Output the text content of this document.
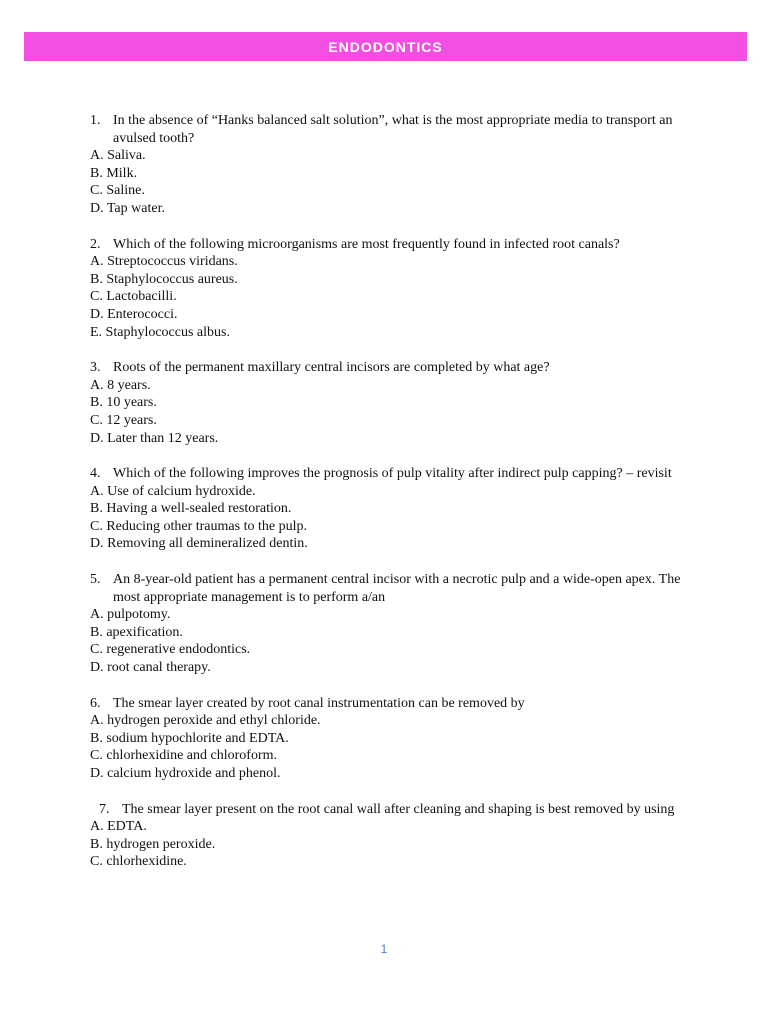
ENDODONTICS
1. In the absence of “Hanks balanced salt solution”, what is the most appropriate media to transport an avulsed tooth?
A. Saliva.
B. Milk.
C. Saline.
D. Tap water.
2. Which of the following microorganisms are most frequently found in infected root canals?
A. Streptococcus viridans.
B. Staphylococcus aureus.
C. Lactobacilli.
D. Enterococci.
E. Staphylococcus albus.
3. Roots of the permanent maxillary central incisors are completed by what age?
A. 8 years.
B. 10 years.
C. 12 years.
D. Later than 12 years.
4. Which of the following improves the prognosis of pulp vitality after indirect pulp capping? – revisit
A. Use of calcium hydroxide.
B. Having a well-sealed restoration.
C. Reducing other traumas to the pulp.
D. Removing all demineralized dentin.
5. An 8-year-old patient has a permanent central incisor with a necrotic pulp and a wide-open apex. The most appropriate management is to perform a/an
A. pulpotomy.
B. apexification.
C. regenerative endodontics.
D. root canal therapy.
6. The smear layer created by root canal instrumentation can be removed by
A. hydrogen peroxide and ethyl chloride.
B. sodium hypochlorite and EDTA.
C. chlorhexidine and chloroform.
D. calcium hydroxide and phenol.
7. The smear layer present on the root canal wall after cleaning and shaping is best removed by using
A. EDTA.
B. hydrogen peroxide.
C. chlorhexidine.
1
